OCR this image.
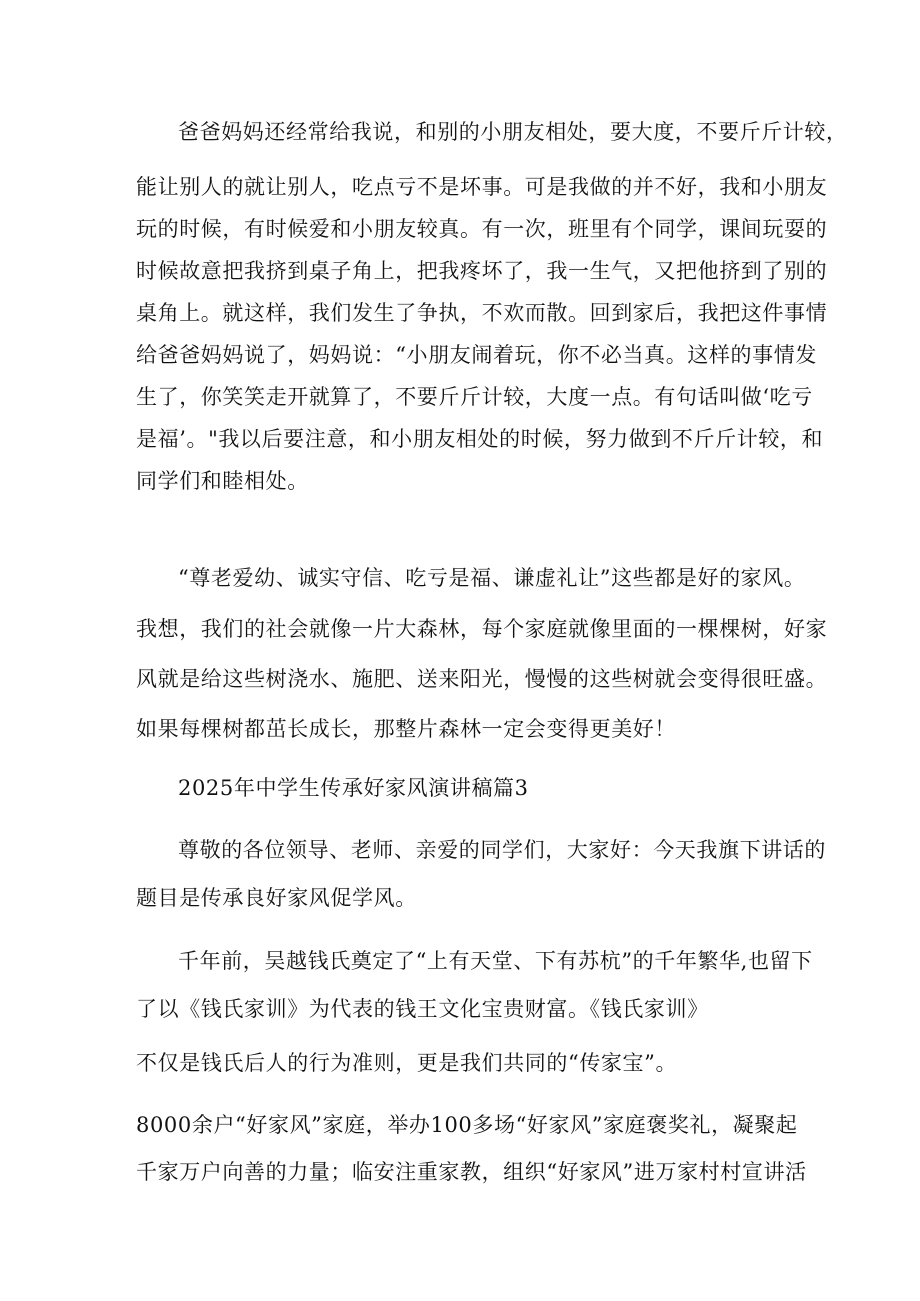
爸爸妈妈还经常给我说，和别的小朋友相处，要大度，不要斤斤计较，
能让别人的就让别人，吃点亏不是坏事。可是我做的并不好，我和小朋友
玩的时候，有时候爱和小朋友较真。有一次，班里有个同学，课间玩耍的
时候故意把我挤到桌子角上，把我疼坏了，我一生气，又把他挤到了别的
桌角上。就这样，我们发生了争执，不欢而散。回到家后，我把这件事情
给爸爸妈妈说了，妈妈说：“小朋友闹着玩，你不必当真。这样的事情发
生了，你笑笑走开就算了，不要斤斤计较，大度一点。有句话叫做‘吃亏
是福’。"我以后要注意，和小朋友相处的时候，努力做到不斤斤计较，和
同学们和睦相处。
“尊老爱幼、诚实守信、吃亏是福、谦虚礼让”这些都是好的家风。
我想，我们的社会就像一片大森林，每个家庭就像里面的一棵棵树，好家
风就是给这些树浇水、施肥、送来阳光，慢慢的这些树就会变得很旺盛。
如果每棵树都茁长成长，那整片森林一定会变得更美好！
2025年中学生传承好家风演讲稿篇3
尊敬的各位领导、老师、亲爱的同学们，大家好：今天我旗下讲话的
题目是传承良好家风促学风。
千年前，吴越钱氏奠定了“上有天堂、下有苏杭”的千年繁华,也留下
了以《钱氏家训》为代表的钱王文化宝贵财富。《钱氏家训》
不仅是钱氏后人的行为准则，更是我们共同的“传家宝”。
8000余户“好家风”家庭，举办100多场“好家风”家庭褒奖礼，凝聚起
千家万户向善的力量；临安注重家教，组织“好家风”进万家村村宣讲活
